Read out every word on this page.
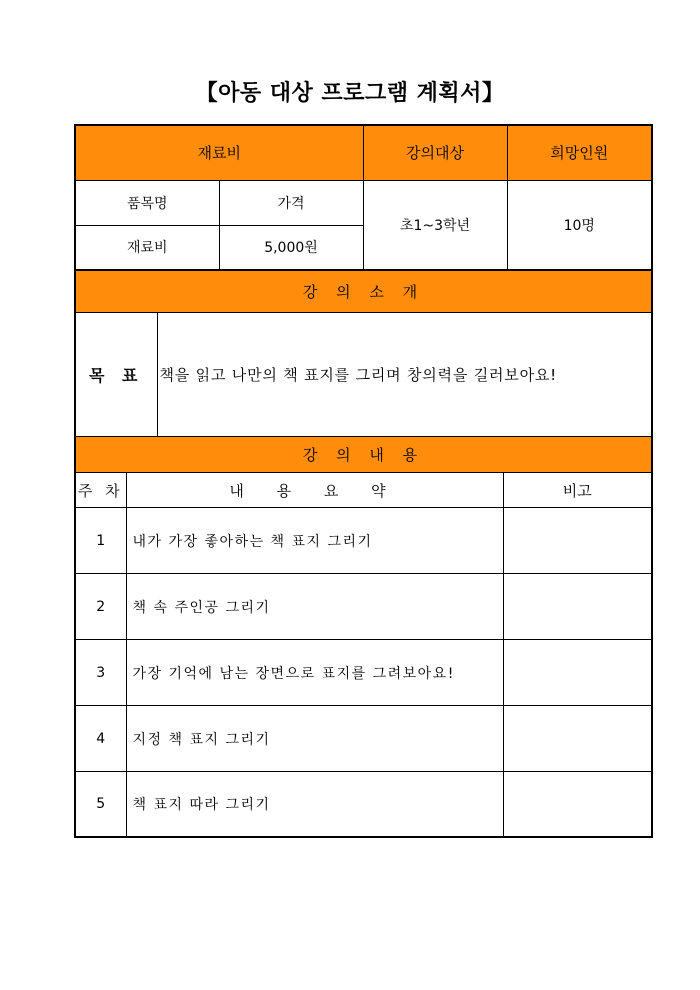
【아동 대상 프로그램 계획서】
재료비		강의대상	희망인원
품목명	가격	초1~3학년	10명
재료비	5,000원		
강 의 소 개
목 표	책을 읽고 나만의 책 표지를 그리며 창의력을 길러보아요!
강 의 내 용		
주 차	내 용 요 약	비고
1	내가 가장 좋아하는 책 표지 그리기	
2	책 속 주인공 그리기	
3	가장 기억에 남는 장면으로 표지를 그려보아요!	
4	지정 책 표지 그리기	
5	책 표지 따라 그리기	
